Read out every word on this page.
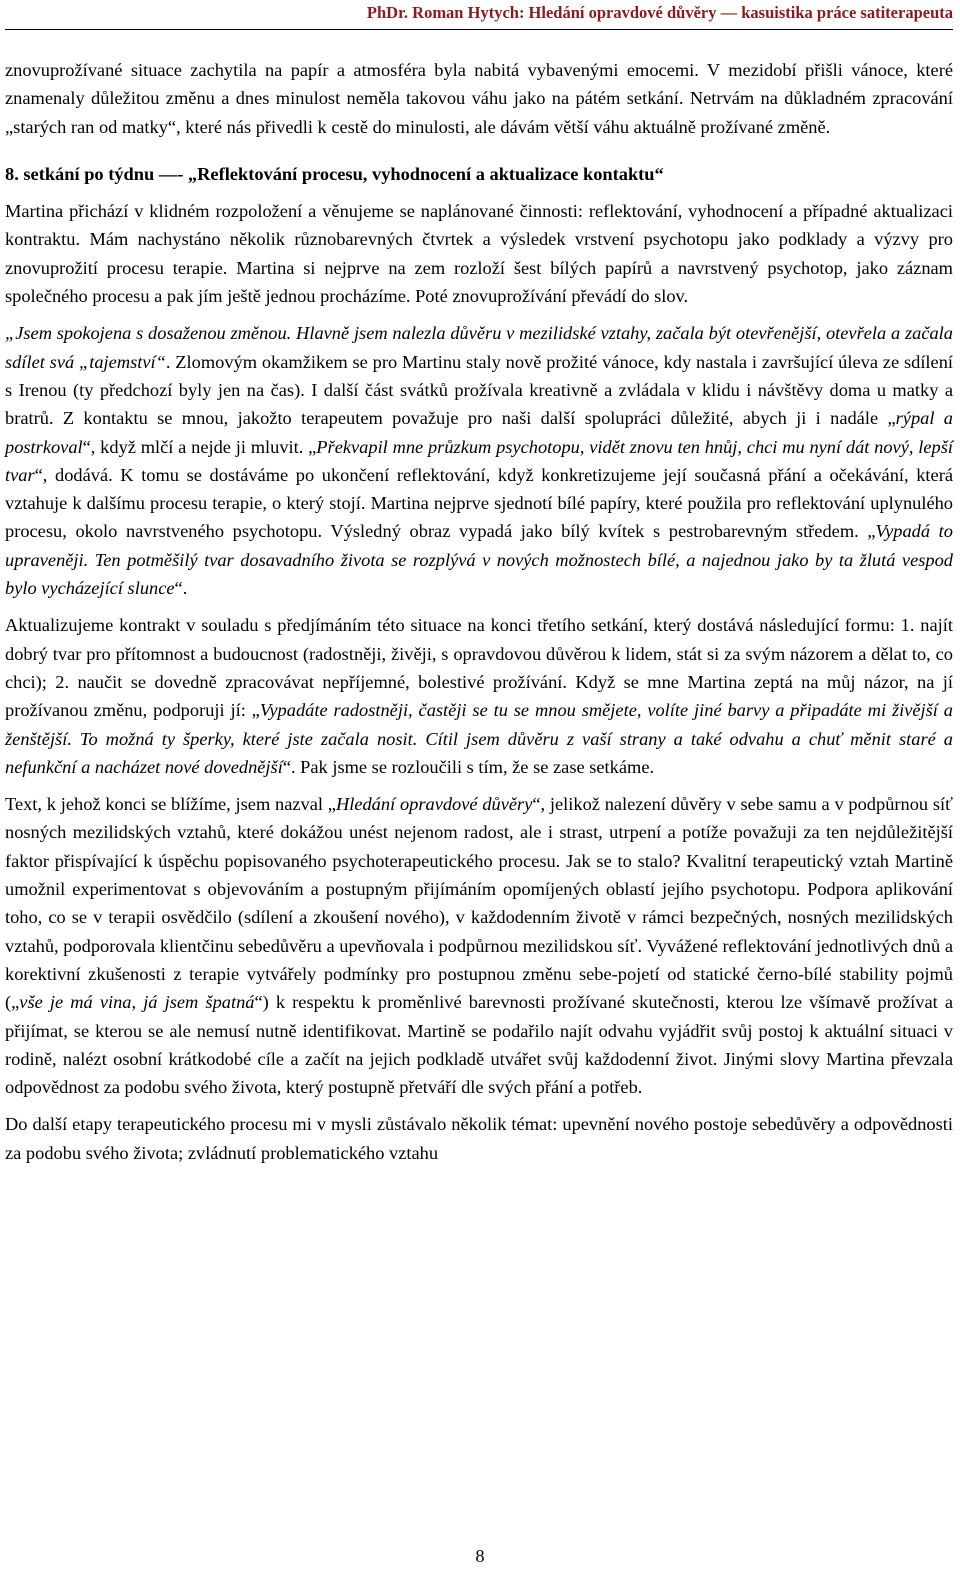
PhDr. Roman Hytych: Hledání opravdové důvěry — kasuistika práce satiterapeuta

znovuprožívané situace zachytila na papír a atmosféra byla nabitá vybavenými emocemi. V mezidobí přišli vánoce, které znamenaly důležitou změnu a dnes minulost neměla takovou váhu jako na pátém setkání. Netrvám na důkladném zpracování „starých ran od matky“, které nás přivedli k cestě do minulosti, ale dávám větší váhu aktuálně prožívané změně.

8. setkání po týdnu —- „Reflektování procesu, vyhodnocení a aktualizace kontaktu“

Martina přichází v klidném rozpoložení a věnujeme se naplánované činnosti: reflektování, vyhodnocení a případné aktualizaci kontraktu. Mám nachystáno několik různobarevných čtvrtek a výsledek vrstvení psychotopu jako podklady a výzvy pro znovuprožití procesu terapie. Martina si nejprve na zem rozloží šest bílých papírů a navrstvený psychotop, jako záznam společného procesu a pak jím ještě jednou procházíme. Poté znovuprožívání převádí do slov.

„Jsem spokojena s dosaženou změnou. Hlavně jsem nalezla důvěru v mezilidské vztahy, začala být otevřenější, otevřela a začala sdílet svá „tajemství“. Zlomovým okamžikem se pro Martinu staly nově prožité vánoce, kdy nastala i završující úleva ze sdílení s Irenou (ty předchozí byly jen na čas). I další část svátků prožívala kreativně a zvládala v klidu i návštěvy doma u matky a bratrů. Z kontaktu se mnou, jakožto terapeutem považuje pro naši další spolupráci důležité, abych ji i nadále „rýpal a postrkoval“, když mlčí a nejde ji mluvit. „Překvapil mne průzkum psychotopu, vidět znovu ten hnůj, chci mu nyní dát nový, lepší tvar“, dodává. K tomu se dostáváme po ukončení reflektování, když konkretizujeme její současná přání a očekávání, která vztahuje k dalšímu procesu terapie, o který stojí. Martina nejprve sjednotí bílé papíry, které použila pro reflektování uplynulého procesu, okolo navrstveného psychotopu. Výsledný obraz vypadá jako bílý kvítek s pestrobarevným středem. „Vypadá to upraveněji. Ten potměšilý tvar dosavadního života se rozplývá v nových možnostech bílé, a najednou jako by ta žlutá vespod bylo vycházející slunce“.

Aktualizujeme kontrakt v souladu s předjímáním této situace na konci třetího setkání, který dostává následující formu: 1. najít dobrý tvar pro přítomnost a budoucnost (radostněji, živěji, s opravdovou důvěrou k lidem, stát si za svým názorem a dělat to, co chci); 2. naučit se dovedně zpracovávat nepříjemné, bolestivé prožívání. Když se mne Martina zeptá na můj názor, na jí prožívanou změnu, podporuji jí: „Vypadáte radostněji, častěji se tu se mnou smějete, volíte jiné barvy a připadáte mi živější a ženštější. To možná ty šperky, které jste začala nosit. Cítil jsem důvěru z vaší strany a také odvahu a chuť měnit staré a nefunkční a nacházet nové dovednější“. Pak jsme se rozloučili s tím, že se zase setkáme.

Text, k jehož konci se blížíme, jsem nazval „Hledání opravdové důvěry“, jelikož nalezení důvěry v sebe samu a v podpůrnou síť nosných mezilidských vztahů, které dokážou unést nejenom radost, ale i strast, utrpení a potíže považuji za ten nejdůležitější faktor přispívající k úspěchu popisovaného psychoterapeutického procesu. Jak se to stalo? Kvalitní terapeutický vztah Martině umožnil experimentovat s objevováním a postupným přijímáním opomíjených oblastí jejího psychotopu. Podpora aplikování toho, co se v terapii osvědčilo (sdílení a zkoušení nového), v každodenním životě v rámci bezpečných, nosných mezilidských vztahů, podporovala klientčinu sebedůvěru a upevňovala i podpůrnou mezilidskou síť. Vyvážené reflektování jednotlivých dnů a korektivní zkušenosti z terapie vytvářely podmínky pro postupnou změnu sebe-pojetí od statické černo-bílé stability pojmů („vše je má vina, já jsem špatná“) k respektu k proměnlivé barevnosti prožívané skutečnosti, kterou lze všímavě prožívat a přijímat, se kterou se ale nemusí nutně identifikovat. Martině se podařilo najít odvahu vyjádřit svůj postoj k aktuální situaci v rodině, nalézt osobní krátkodobé cíle a začít na jejich podkladě utvářet svůj každodenní život. Jinými slovy Martina převzala odpovědnost za podobu svého života, který postupně přetváří dle svých přání a potřeb.

Do další etapy terapeutického procesu mi v mysli zůstávalo několik témat: upevnění nového postoje sebedůvěry a odpovědnosti za podobu svého života; zvládnutí problematického vztahu

8
